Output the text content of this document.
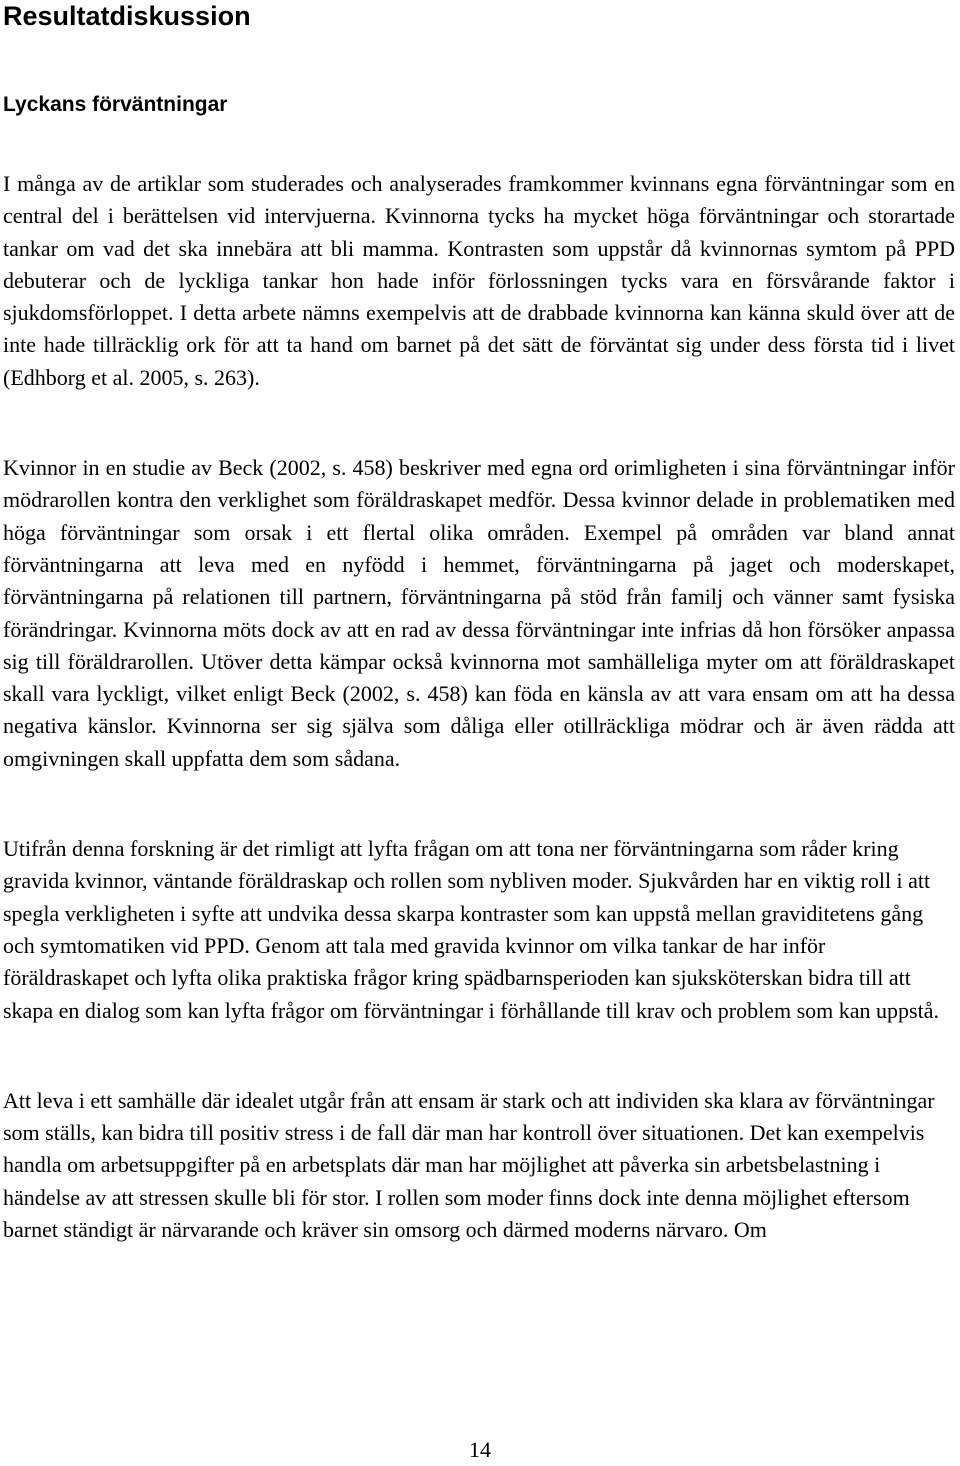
Resultatdiskussion
Lyckans förväntningar

I många av de artiklar som studerades och analyserades framkommer kvinnans egna förväntningar som en central del i berättelsen vid intervjuerna. Kvinnorna tycks ha mycket höga förväntningar och storartade tankar om vad det ska innebära att bli mamma. Kontrasten som uppstår då kvinnornas symtom på PPD debuterar och de lyckliga tankar hon hade inför förlossningen tycks vara en försvårande faktor i sjukdomsförloppet. I detta arbete nämns exempelvis att de drabbade kvinnorna kan känna skuld över att de inte hade tillräcklig ork för att ta hand om barnet på det sätt de förväntat sig under dess första tid i livet (Edhborg et al. 2005, s. 263).

Kvinnor in en studie av Beck (2002, s. 458) beskriver med egna ord orimligheten i sina förväntningar inför mödrarollen kontra den verklighet som föräldraskapet medför. Dessa kvinnor delade in problematiken med höga förväntningar som orsak i ett flertal olika områden. Exempel på områden var bland annat förväntningarna att leva med en nyfödd i hemmet, förväntningarna på jaget och moderskapet, förväntningarna på relationen till partnern, förväntningarna på stöd från familj och vänner samt fysiska förändringar. Kvinnorna möts dock av att en rad av dessa förväntningar inte infrias då hon försöker anpassa sig till föräldrarollen. Utöver detta kämpar också kvinnorna mot samhälleliga myter om att föräldraskapet skall vara lyckligt, vilket enligt Beck (2002, s. 458) kan föda en känsla av att vara ensam om att ha dessa negativa känslor. Kvinnorna ser sig själva som dåliga eller otillräckliga mödrar och är även rädda att omgivningen skall uppfatta dem som sådana.

Utifrån denna forskning är det rimligt att lyfta frågan om att tona ner förväntningarna som råder kring gravida kvinnor, väntande föräldraskap och rollen som nybliven moder. Sjukvården har en viktig roll i att spegla verkligheten i syfte att undvika dessa skarpa kontraster som kan uppstå mellan graviditetens gång och symtomatiken vid PPD. Genom att tala med gravida kvinnor om vilka tankar de har inför föräldraskapet och lyfta olika praktiska frågor kring spädbarnsperioden kan sjuksköterskan bidra till att skapa en dialog som kan lyfta frågor om förväntningar i förhållande till krav och problem som kan uppstå.

Att leva i ett samhälle där idealet utgår från att ensam är stark och att individen ska klara av förväntningar som ställs, kan bidra till positiv stress i de fall där man har kontroll över situationen. Det kan exempelvis handla om arbetsuppgifter på en arbetsplats där man har möjlighet att påverka sin arbetsbelastning i händelse av att stressen skulle bli för stor. I rollen som moder finns dock inte denna möjlighet eftersom barnet ständigt är närvarande och kräver sin omsorg och därmed moderns närvaro. Om

14
